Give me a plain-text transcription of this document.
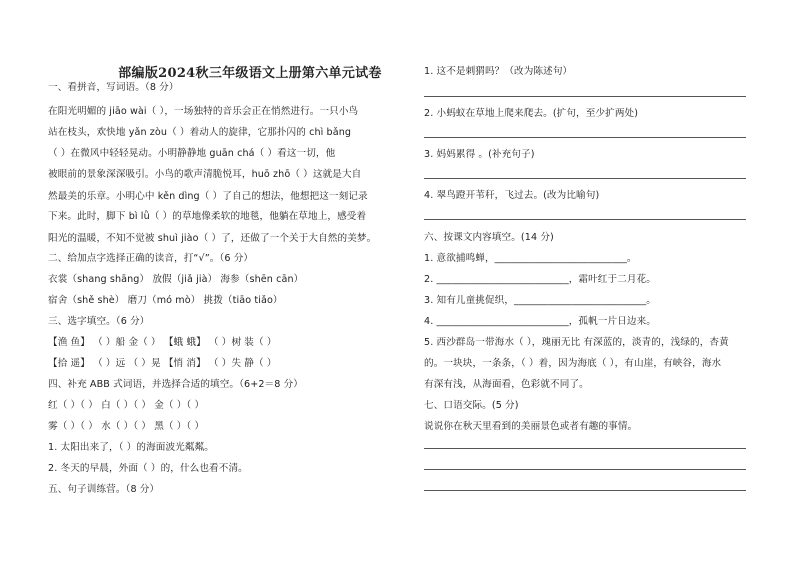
部编版2024秋三年级语文上册第六单元试卷
一、看拼音，写词语。（8 分）
在阳光明媚的 jiāo wài（ ），一场独特的音乐会正在悄然进行。一只小鸟
站在枝头，欢快地 yǎn zòu（ ）着动人的旋律，它那扑闪的 chì bǎng
（ ）在微风中轻轻晃动。小明静静地 guān chá（ ）看这一切，他
被眼前的景象深深吸引。小鸟的歌声清脆悦耳，huō zhō（ ）这就是大自
然最美的乐章。小明心中 kěn dìng（ ）了自己的想法，他想把这一刻记录
下来。此时，脚下 bì lǜ（ ）的草地像柔软的地毯，他躺在草地上，感受着
阳光的温暖，不知不觉被 shuì jiào（ ）了，还做了一个关于大自然的美梦。
二、给加点字选择正确的读音，打“√”。（6 分）
衣裳（shang shāng） 放假（jiǎ jià） 海参（shēn cān）
宿舍（shě shè） 磨刀（mó mò） 挑拨（tiāo tiǎo）
三、选字填空。（6 分）
【渔 鱼】 （ ）船 金（ ） 【蛾 蛾】 （ ）树 装（ ）
【拾 遥】 （ ）远 （ ）晃 【悄 消】 （ ）失 静（ ）
四、补充 ABB 式词语，并选择合适的填空。（6+2＝8 分）
红（ ）（ ） 白（ ）（ ） 金（ ）（ ）
雾（ ）（ ） 水（ ）（ ） 黑（ ）（ ）
1. 太阳出来了，（ ）的海面波光粼粼。
2. 冬天的早晨，外面（ ）的，什么也看不清。
五、句子训练营。（8 分）
1. 这不是刺猬吗？（改为陈述句）
2. 小蚂蚁在草地上爬来爬去。(扩句，至少扩两处)
3. 妈妈累得 。(补充句子)
4. 翠鸟蹬开苇秆，飞过去。(改为比喻句)
六、按课文内容填空。(14 分)
1. 意欲捕鸣蝉，___________________________。
2. ___________________________，霜叶红于二月花。
3. 知有儿童挑促织，___________________________。
4. ___________________________，孤帆一片日边来。
5. 西沙群岛一带海水（ ），瑰丽无比 有深蓝的，淡青的，浅绿的，杏黄
的。一块块，一条条，（ ）着，因为海底（ ），有山崖，有峡谷，海水
有深有浅，从海面看，色彩就不同了。
七、口语交际。(5 分)
说说你在秋天里看到的美丽景色或者有趣的事情。
